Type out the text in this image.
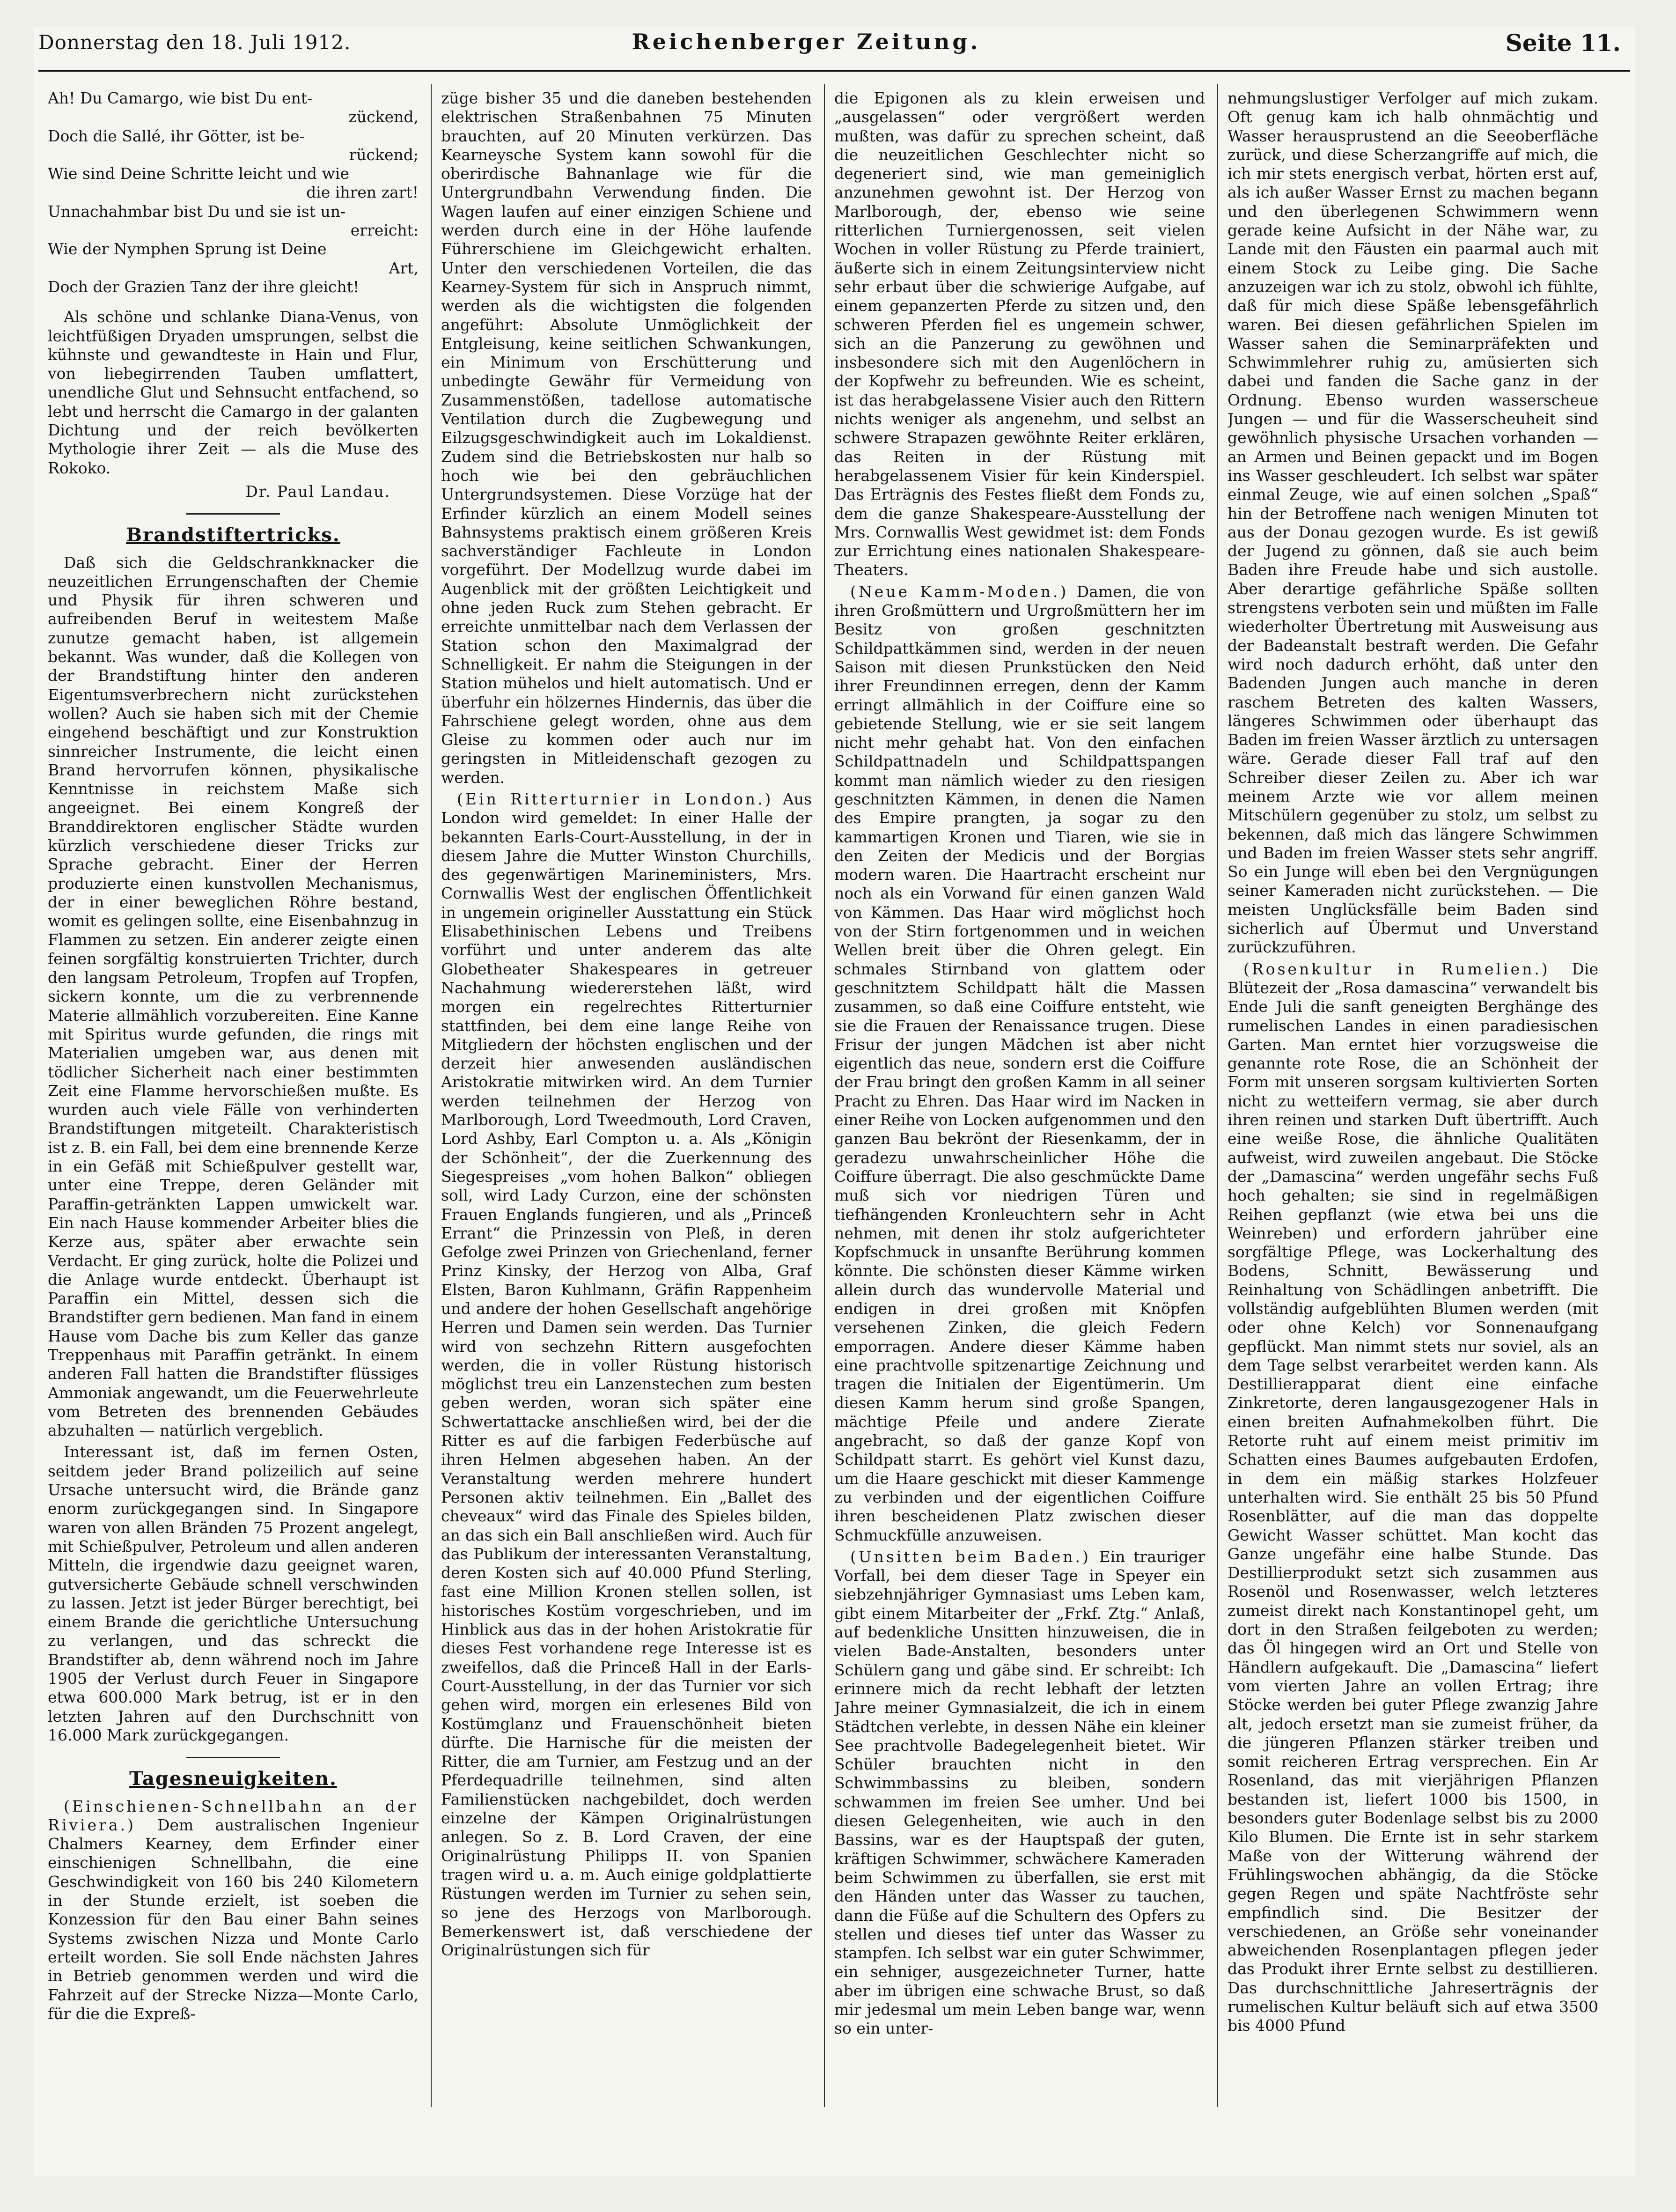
Donnerstag den 18. Juli 1912.	Reichenberger Zeitung.	Seite 11.
Ah! Du Camargo, wie bist Du ent-
zückend,
Doch die Sallé, ihr Götter, ist be-
rückend;
Wie sind Deine Schritte leicht und wie
die ihren zart!
Unnachahmbar bist Du und sie ist un-
erreicht:
Wie der Nymphen Sprung ist Deine
Art,
Doch der Grazien Tanz der ihre gleicht!

Als schöne und schlanke Diana-Venus, von leichtfüßigen Dryaden umsprungen, selbst die kühnste und gewandteste in Hain und Flur, von liebegirrenden Tauben umflattert, unendliche Glut und Sehnsucht entfachend, so lebt und herrscht die Camargo in der galanten Dichtung und der reich bevölkerten Mythologie ihrer Zeit — als die Muse des Rokoko.

Dr. Paul Landau.
Brandstiftertricks.

Daß sich die Geldschrankknacker die neuzeitlichen Errungenschaften der Chemie und Physik für ihren schweren und aufreibenden Beruf in weitestem Maße zunutze gemacht haben, ist allgemein bekannt. Was wunder, daß die Kollegen von der Brandstiftung hinter den anderen Eigentumsverbrechern nicht zurückstehen wollen? Auch sie haben sich mit der Chemie eingehend beschäftigt und zur Konstruktion sinnreicher Instrumente, die leicht einen Brand hervorrufen können, physikalische Kenntnisse in reichstem Maße sich angeeignet. Bei einem Kongreß der Branddirektoren englischer Städte wurden kürzlich verschiedene dieser Tricks zur Sprache gebracht. Einer der Herren produzierte einen kunstvollen Mechanismus, der in einer beweglichen Röhre bestand, womit es gelingen sollte, eine Eisenbahnzug in Flammen zu setzen. Ein anderer zeigte einen feinen sorgfältig konstruierten Trichter, durch den langsam Petroleum, Tropfen auf Tropfen, sickern konnte, um die zu verbrennende Materie allmählich vorzubereiten. Eine Kanne mit Spiritus wurde gefunden, die rings mit Materialien umgeben war, aus denen mit tödlicher Sicherheit nach einer bestimmten Zeit eine Flamme hervorschießen mußte. Es wurden auch viele Fälle von verhinderten Brandstiftungen mitgeteilt. Charakteristisch ist z. B. ein Fall, bei dem eine brennende Kerze in ein Gefäß mit Schießpulver gestellt war, unter eine Treppe, deren Geländer mit Paraffin-getränkten Lappen umwickelt war. Ein nach Hause kommender Arbeiter blies die Kerze aus, später aber erwachte sein Verdacht. Er ging zurück, holte die Polizei und die Anlage wurde entdeckt. Überhaupt ist Paraffin ein Mittel, dessen sich die Brandstifter gern bedienen. Man fand in einem Hause vom Dache bis zum Keller das ganze Treppenhaus mit Paraffin getränkt. In einem anderen Fall hatten die Brandstifter flüssiges Ammoniak angewandt, um die Feuerwehrleute vom Betreten des brennenden Gebäudes abzuhalten — natürlich vergeblich.

Interessant ist, daß im fernen Osten, seitdem jeder Brand polizeilich auf seine Ursache untersucht wird, die Brände ganz enorm zurückgegangen sind. In Singapore waren von allen Bränden 75 Prozent angelegt, mit Schießpulver, Petroleum und allen anderen Mitteln, die irgendwie dazu geeignet waren, gutversicherte Gebäude schnell verschwinden zu lassen. Jetzt ist jeder Bürger berechtigt, bei einem Brande die gerichtliche Untersuchung zu verlangen, und das schreckt die Brandstifter ab, denn während noch im Jahre 1905 der Verlust durch Feuer in Singapore etwa 600.000 Mark betrug, ist er in den letzten Jahren auf den Durchschnitt von 16.000 Mark zurückgegangen.

Tagesneuigkeiten.

(Einschienen-Schnellbahn an der Riviera.) Dem australischen Ingenieur Chalmers Kearney, dem Erfinder einer einschienigen Schnellbahn, die eine Geschwindigkeit von 160 bis 240 Kilometern in der Stunde erzielt, ist soeben die Konzession für den Bau einer Bahn seines Systems zwischen Nizza und Monte Carlo erteilt worden. Sie soll Ende nächsten Jahres in Betrieb genommen werden und wird die Fahrzeit auf der Strecke Nizza—Monte Carlo, für die die Expreß-

züge bisher 35 und die daneben bestehenden elektrischen Straßenbahnen 75 Minuten brauchten, auf 20 Minuten verkürzen. Das Kearneysche System kann sowohl für die oberirdische Bahnanlage wie für die Untergrundbahn Verwendung finden. Die Wagen laufen auf einer einzigen Schiene und werden durch eine in der Höhe laufende Führerschiene im Gleichgewicht erhalten. Unter den verschiedenen Vorteilen, die das Kearney-System für sich in Anspruch nimmt, werden als die wichtigsten die folgenden angeführt: Absolute Unmöglichkeit der Entgleisung, keine seitlichen Schwankungen, ein Minimum von Erschütterung und unbedingte Gewähr für Vermeidung von Zusammenstößen, tadellose automatische Ventilation durch die Zugbewegung und Eilzugsgeschwindigkeit auch im Lokaldienst. Zudem sind die Betriebskosten nur halb so hoch wie bei den gebräuchlichen Untergrundsystemen. Diese Vorzüge hat der Erfinder kürzlich an einem Modell seines Bahnsystems praktisch einem größeren Kreis sachverständiger Fachleute in London vorgeführt. Der Modellzug wurde dabei im Augenblick mit der größten Leichtigkeit und ohne jeden Ruck zum Stehen gebracht. Er erreichte unmittelbar nach dem Verlassen der Station schon den Maximalgrad der Schnelligkeit. Er nahm die Steigungen in der Station mühelos und hielt automatisch. Und er überfuhr ein hölzernes Hindernis, das über die Fahrschiene gelegt worden, ohne aus dem Gleise zu kommen oder auch nur im geringsten in Mitleidenschaft gezogen zu werden.

(Ein Ritterturnier in London.) Aus London wird gemeldet: In einer Halle der bekannten Earls-Court-Ausstellung, in der in diesem Jahre die Mutter Winston Churchills, des gegenwärtigen Marineministers, Mrs. Cornwallis West der englischen Öffentlichkeit in ungemein origineller Ausstattung ein Stück Elisabethinischen Lebens und Treibens vorführt und unter anderem das alte Globetheater Shakespeares in getreuer Nachahmung wiedererstehen läßt, wird morgen ein regelrechtes Ritterturnier stattfinden, bei dem eine lange Reihe von Mitgliedern der höchsten englischen und der derzeit hier anwesenden ausländischen Aristokratie mitwirken wird. An dem Turnier werden teilnehmen der Herzog von Marlborough, Lord Tweedmouth, Lord Craven, Lord Ashby, Earl Compton u. a. Als „Königin der Schönheit“, der die Zuerkennung des Siegespreises „vom hohen Balkon“ obliegen soll, wird Lady Curzon, eine der schönsten Frauen Englands fungieren, und als „Princeß Errant“ die Prinzessin von Pleß, in deren Gefolge zwei Prinzen von Griechenland, ferner Prinz Kinsky, der Herzog von Alba, Graf Elsten, Baron Kuhlmann, Gräfin Rappenheim und andere der hohen Gesellschaft angehörige Herren und Damen sein werden. Das Turnier wird von sechzehn Rittern ausgefochten werden, die in voller Rüstung historisch möglichst treu ein Lanzenstechen zum besten geben werden, woran sich später eine Schwertattacke anschließen wird, bei der die Ritter es auf die farbigen Federbüsche auf ihren Helmen abgesehen haben. An der Veranstaltung werden mehrere hundert Personen aktiv teilnehmen. Ein „Ballet des cheveaux“ wird das Finale des Spieles bilden, an das sich ein Ball anschließen wird. Auch für das Publikum der interessanten Veranstaltung, deren Kosten sich auf 40.000 Pfund Sterling, fast eine Million Kronen stellen sollen, ist historisches Kostüm vorgeschrieben, und im Hinblick aus das in der hohen Aristokratie für dieses Fest vorhandene rege Interesse ist es zweifellos, daß die Princeß Hall in der Earls-Court-Ausstellung, in der das Turnier vor sich gehen wird, morgen ein erlesenes Bild von Kostümglanz und Frauenschönheit bieten dürfte. Die Harnische für die meisten der Ritter, die am Turnier, am Festzug und an der Pferdequadrille teilnehmen, sind alten Familienstücken nachgebildet, doch werden einzelne der Kämpen Originalrüstungen anlegen. So z. B. Lord Craven, der eine Originalrüstung Philipps II. von Spanien tragen wird u. a. m. Auch einige goldplattierte Rüstungen werden im Turnier zu sehen sein, so jene des Herzogs von Marlborough. Bemerkenswert ist, daß verschiedene der Originalrüstungen sich für

die Epigonen als zu klein erweisen und „ausgelassen“ oder vergrößert werden mußten, was dafür zu sprechen scheint, daß die neuzeitlichen Geschlechter nicht so degeneriert sind, wie man gemeiniglich anzunehmen gewohnt ist. Der Herzog von Marlborough, der, ebenso wie seine ritterlichen Turniergenossen, seit vielen Wochen in voller Rüstung zu Pferde trainiert, äußerte sich in einem Zeitungsinterview nicht sehr erbaut über die schwierige Aufgabe, auf einem gepanzerten Pferde zu sitzen und, den schweren Pferden fiel es ungemein schwer, sich an die Panzerung zu gewöhnen und insbesondere sich mit den Augenlöchern in der Kopfwehr zu befreunden. Wie es scheint, ist das herabgelassene Visier auch den Rittern nichts weniger als angenehm, und selbst an schwere Strapazen gewöhnte Reiter erklären, das Reiten in der Rüstung mit herabgelassenem Visier für kein Kinderspiel. Das Erträgnis des Festes fließt dem Fonds zu, dem die ganze Shakespeare-Ausstellung der Mrs. Cornwallis West gewidmet ist: dem Fonds zur Errichtung eines nationalen Shakespeare-Theaters.

(Neue Kamm-Moden.) Damen, die von ihren Großmüttern und Urgroßmüttern her im Besitz von großen geschnitzten Schildpattkämmen sind, werden in der neuen Saison mit diesen Prunkstücken den Neid ihrer Freundinnen erregen, denn der Kamm erringt allmählich in der Coiffure eine so gebietende Stellung, wie er sie seit langem nicht mehr gehabt hat. Von den einfachen Schildpattnadeln und Schildpattspangen kommt man nämlich wieder zu den riesigen geschnitzten Kämmen, in denen die Namen des Empire prangten, ja sogar zu den kammartigen Kronen und Tiaren, wie sie in den Zeiten der Medicis und der Borgias modern waren. Die Haartracht erscheint nur noch als ein Vorwand für einen ganzen Wald von Kämmen. Das Haar wird möglichst hoch von der Stirn fortgenommen und in weichen Wellen breit über die Ohren gelegt. Ein schmales Stirnband von glattem oder geschnitztem Schildpatt hält die Massen zusammen, so daß eine Coiffure entsteht, wie sie die Frauen der Renaissance trugen. Diese Frisur der jungen Mädchen ist aber nicht eigentlich das neue, sondern erst die Coiffure der Frau bringt den großen Kamm in all seiner Pracht zu Ehren. Das Haar wird im Nacken in einer Reihe von Locken aufgenommen und den ganzen Bau bekrönt der Riesenkamm, der in geradezu unwahrscheinlicher Höhe die Coiffure überragt. Die also geschmückte Dame muß sich vor niedrigen Türen und tiefhängenden Kronleuchtern sehr in Acht nehmen, mit denen ihr stolz aufgerichteter Kopfschmuck in unsanfte Berührung kommen könnte. Die schönsten dieser Kämme wirken allein durch das wundervolle Material und endigen in drei großen mit Knöpfen versehenen Zinken, die gleich Federn emporragen. Andere dieser Kämme haben eine prachtvolle spitzenartige Zeichnung und tragen die Initialen der Eigentümerin. Um diesen Kamm herum sind große Spangen, mächtige Pfeile und andere Zierate angebracht, so daß der ganze Kopf von Schildpatt starrt. Es gehört viel Kunst dazu, um die Haare geschickt mit dieser Kammenge zu verbinden und der eigentlichen Coiffure ihren bescheidenen Platz zwischen dieser Schmuckfülle anzuweisen.

(Unsitten beim Baden.) Ein trauriger Vorfall, bei dem dieser Tage in Speyer ein siebzehnjähriger Gymnasiast ums Leben kam, gibt einem Mitarbeiter der „Frkf. Ztg.“ Anlaß, auf bedenkliche Unsitten hinzuweisen, die in vielen Bade-Anstalten, besonders unter Schülern gang und gäbe sind. Er schreibt: Ich erinnere mich da recht lebhaft der letzten Jahre meiner Gymnasialzeit, die ich in einem Städtchen verlebte, in dessen Nähe ein kleiner See prachtvolle Badegelegenheit bietet. Wir Schüler brauchten nicht in den Schwimmbassins zu bleiben, sondern schwammen im freien See umher. Und bei diesen Gelegenheiten, wie auch in den Bassins, war es der Hauptspaß der guten, kräftigen Schwimmer, schwächere Kameraden beim Schwimmen zu überfallen, sie erst mit den Händen unter das Wasser zu tauchen, dann die Füße auf die Schultern des Opfers zu stellen und dieses tief unter das Wasser zu stampfen. Ich selbst war ein guter Schwimmer, ein sehniger, ausgezeichneter Turner, hatte aber im übrigen eine schwache Brust, so daß mir jedesmal um mein Leben bange war, wenn so ein unter-

nehmungslustiger Verfolger auf mich zukam. Oft genug kam ich halb ohnmächtig und Wasser herausprustend an die Seeoberfläche zurück, und diese Scherzangriffe auf mich, die ich mir stets energisch verbat, hörten erst auf, als ich außer Wasser Ernst zu machen begann und den überlegenen Schwimmern wenn gerade keine Aufsicht in der Nähe war, zu Lande mit den Fäusten ein paarmal auch mit einem Stock zu Leibe ging. Die Sache anzuzeigen war ich zu stolz, obwohl ich fühlte, daß für mich diese Späße lebensgefährlich waren. Bei diesen gefährlichen Spielen im Wasser sahen die Seminarpräfekten und Schwimmlehrer ruhig zu, amüsierten sich dabei und fanden die Sache ganz in der Ordnung. Ebenso wurden wasserscheue Jungen — und für die Wasserscheuheit sind gewöhnlich physische Ursachen vorhanden — an Armen und Beinen gepackt und im Bogen ins Wasser geschleudert. Ich selbst war später einmal Zeuge, wie auf einen solchen „Spaß“ hin der Betroffene nach wenigen Minuten tot aus der Donau gezogen wurde. Es ist gewiß der Jugend zu gönnen, daß sie auch beim Baden ihre Freude habe und sich austolle. Aber derartige gefährliche Späße sollten strengstens verboten sein und müßten im Falle wiederholter Übertretung mit Ausweisung aus der Badeanstalt bestraft werden. Die Gefahr wird noch dadurch erhöht, daß unter den Badenden Jungen auch manche in deren raschem Betreten des kalten Wassers, längeres Schwimmen oder überhaupt das Baden im freien Wasser ärztlich zu untersagen wäre. Gerade dieser Fall traf auf den Schreiber dieser Zeilen zu. Aber ich war meinem Arzte wie vor allem meinen Mitschülern gegenüber zu stolz, um selbst zu bekennen, daß mich das längere Schwimmen und Baden im freien Wasser stets sehr angriff. So ein Junge will eben bei den Vergnügungen seiner Kameraden nicht zurückstehen. — Die meisten Unglücksfälle beim Baden sind sicherlich auf Übermut und Unverstand zurückzuführen.

(Rosenkultur in Rumelien.) Die Blütezeit der „Rosa damascina“ verwandelt bis Ende Juli die sanft geneigten Berghänge des rumelischen Landes in einen paradiesischen Garten. Man erntet hier vorzugsweise die genannte rote Rose, die an Schönheit der Form mit unseren sorgsam kultivierten Sorten nicht zu wetteifern vermag, sie aber durch ihren reinen und starken Duft übertrifft. Auch eine weiße Rose, die ähnliche Qualitäten aufweist, wird zuweilen angebaut. Die Stöcke der „Damascina“ werden ungefähr sechs Fuß hoch gehalten; sie sind in regelmäßigen Reihen gepflanzt (wie etwa bei uns die Weinreben) und erfordern jahrüber eine sorgfältige Pflege, was Lockerhaltung des Bodens, Schnitt, Bewässerung und Reinhaltung von Schädlingen anbetrifft. Die vollständig aufgeblühten Blumen werden (mit oder ohne Kelch) vor Sonnenaufgang gepflückt. Man nimmt stets nur soviel, als an dem Tage selbst verarbeitet werden kann. Als Destillierapparat dient eine einfache Zinkretorte, deren langausgezogener Hals in einen breiten Aufnahmekolben führt. Die Retorte ruht auf einem meist primitiv im Schatten eines Baumes aufgebauten Erdofen, in dem ein mäßig starkes Holzfeuer unterhalten wird. Sie enthält 25 bis 50 Pfund Rosenblätter, auf die man das doppelte Gewicht Wasser schüttet. Man kocht das Ganze ungefähr eine halbe Stunde. Das Destillierprodukt setzt sich zusammen aus Rosenöl und Rosenwasser, welch letzteres zumeist direkt nach Konstantinopel geht, um dort in den Straßen feilgeboten zu werden; das Öl hingegen wird an Ort und Stelle von Händlern aufgekauft. Die „Damascina“ liefert vom vierten Jahre an vollen Ertrag; ihre Stöcke werden bei guter Pflege zwanzig Jahre alt, jedoch ersetzt man sie zumeist früher, da die jüngeren Pflanzen stärker treiben und somit reicheren Ertrag versprechen. Ein Ar Rosenland, das mit vierjährigen Pflanzen bestanden ist, liefert 1000 bis 1500, in besonders guter Bodenlage selbst bis zu 2000 Kilo Blumen. Die Ernte ist in sehr starkem Maße von der Witterung während der Frühlingswochen abhängig, da die Stöcke gegen Regen und späte Nachtfröste sehr empfindlich sind. Die Besitzer der verschiedenen, an Größe sehr voneinander abweichenden Rosenplantagen pflegen jeder das Produkt ihrer Ernte selbst zu destillieren. Das durchschnittliche Jahreserträgnis der rumelischen Kultur beläuft sich auf etwa 3500 bis 4000 Pfund
